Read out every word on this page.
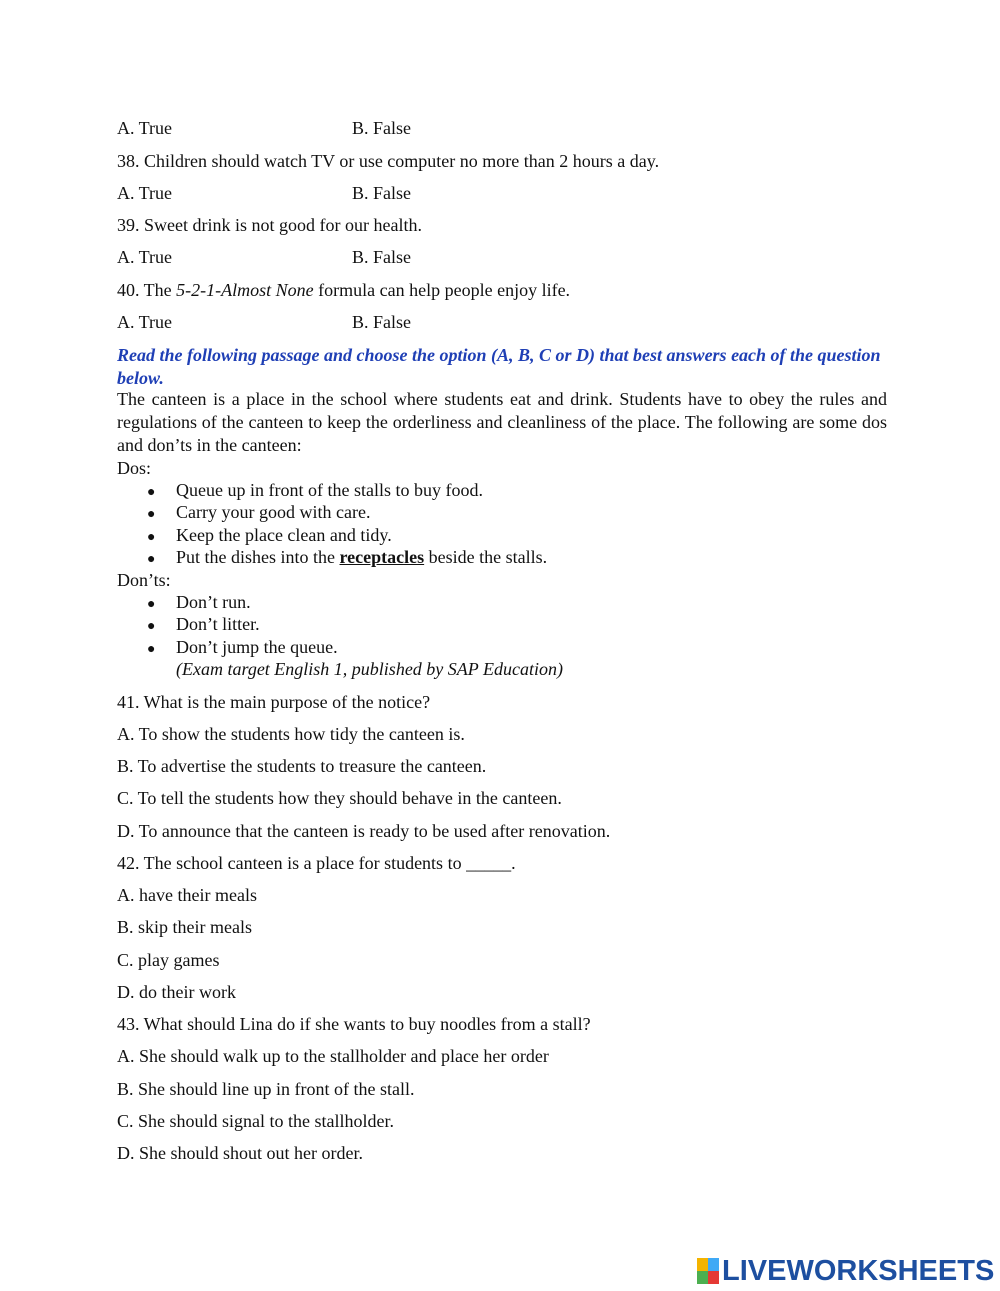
A. True	B. False
38. Children should watch TV or use computer no more than 2 hours a day.
A. True	B. False
39. Sweet drink is not good for our health.
A. True	B. False
40. The 5-2-1-Almost None formula can help people enjoy life.
A. True	B. False
Read the following passage and choose the option (A, B, C or D) that best answers each of the question below.
The canteen is a place in the school where students eat and drink. Students have to obey the rules and regulations of the canteen to keep the orderliness and cleanliness of the place. The following are some dos and don’ts in the canteen:
Dos:
● Queue up in front of the stalls to buy food.
● Carry your good with care.
● Keep the place clean and tidy.
● Put the dishes into the receptacles beside the stalls.
Don’ts:
● Don’t run.
● Don’t litter.
● Don’t jump the queue.
(Exam target English 1, published by SAP Education)
41. What is the main purpose of the notice?
A. To show the students how tidy the canteen is.
B. To advertise the students to treasure the canteen.
C. To tell the students how they should behave in the canteen.
D. To announce that the canteen is ready to be used after renovation.
42. The school canteen is a place for students to _____.
A. have their meals
B. skip their meals
C. play games
D. do their work
43. What should Lina do if she wants to buy noodles from a stall?
A. She should walk up to the stallholder and place her order
B. She should line up in front of the stall.
C. She should signal to the stallholder.
D. She should shout out her order.
LIVEWORKSHEETS
